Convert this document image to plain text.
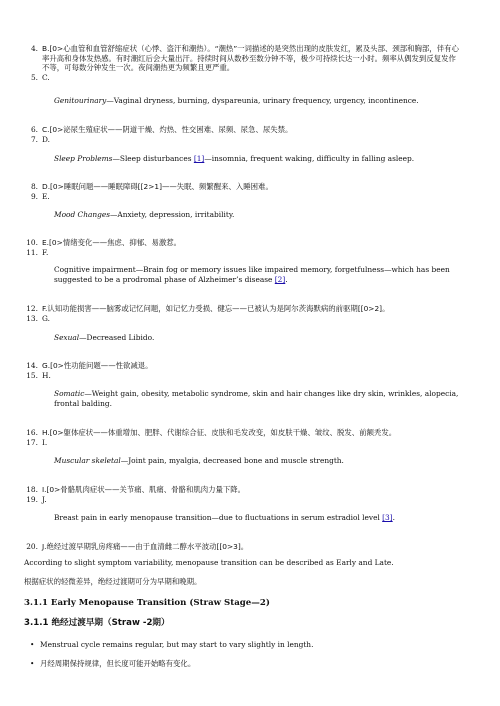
4. B.[0>心血管和血管舒缩症状（心悸、盗汗和潮热）。“潮热”一词描述的是突然出现的皮肤发红，累及头部、颈部和胸部，伴有心率升高和身体发热感。有时潮红后会大量出汗。持续时间从数秒至数分钟不等，极少可持续长达一小时。频率从偶发到反复发作不等，可每数分钟发生一次。夜间潮热更为频繁且更严重。
5. C.
Genitourinary—Vaginal dryness, burning, dyspareunia, urinary frequency, urgency, incontinence.
6. C.[0>泌尿生殖症状——阴道干燥、灼热、性交困难、尿频、尿急、尿失禁。
7. D.
Sleep Problems—Sleep disturbances [1]—insomnia, frequent waking, difficulty in falling asleep.
8. D.[0>睡眠问题——睡眠障碍[[2>1]——失眠、频繁醒来、入睡困难。
9. E.
Mood Changes—Anxiety, depression, irritability.
10. E.[0>情绪变化——焦虑、抑郁、易激惹。
11. F.
Cognitive impairment—Brain fog or memory issues like impaired memory, forgetfulness—which has been suggested to be a prodromal phase of Alzheimer’s disease [2].
12. F.认知功能损害——脑雾或记忆问题，如记忆力受损、健忘——已被认为是阿尔茨海默病的前驱期[[0>2]。
13. G.
Sexual—Decreased Libido.
14. G.[0>性功能问题——性欲减退。
15. H.
Somatic—Weight gain, obesity, metabolic syndrome, skin and hair changes like dry skin, wrinkles, alopecia, frontal balding.
16. H.[0>躯体症状——体重增加、肥胖、代谢综合征、皮肤和毛发改变，如皮肤干燥、皱纹、脱发、前额秃发。
17. I.
Muscular skeletal—Joint pain, myalgia, decreased bone and muscle strength.
18. I.[0>骨骼肌肉症状——关节痛、肌痛、骨骼和肌肉力量下降。
19. J.
Breast pain in early menopause transition—due to fluctuations in serum estradiol level [3].
20. J.绝经过渡早期乳房疼痛——由于血清雌二醇水平波动[[0>3]。
According to slight symptom variability, menopause transition can be described as Early and Late.
根据症状的轻微差异，绝经过渡期可分为早期和晚期。
3.1.1 Early Menopause Transition (Straw Stage—2)
3.1.1 绝经过渡早期（Straw -2期）
• Menstrual cycle remains regular, but may start to vary slightly in length.
• 月经周期保持规律，但长度可能开始略有变化。
